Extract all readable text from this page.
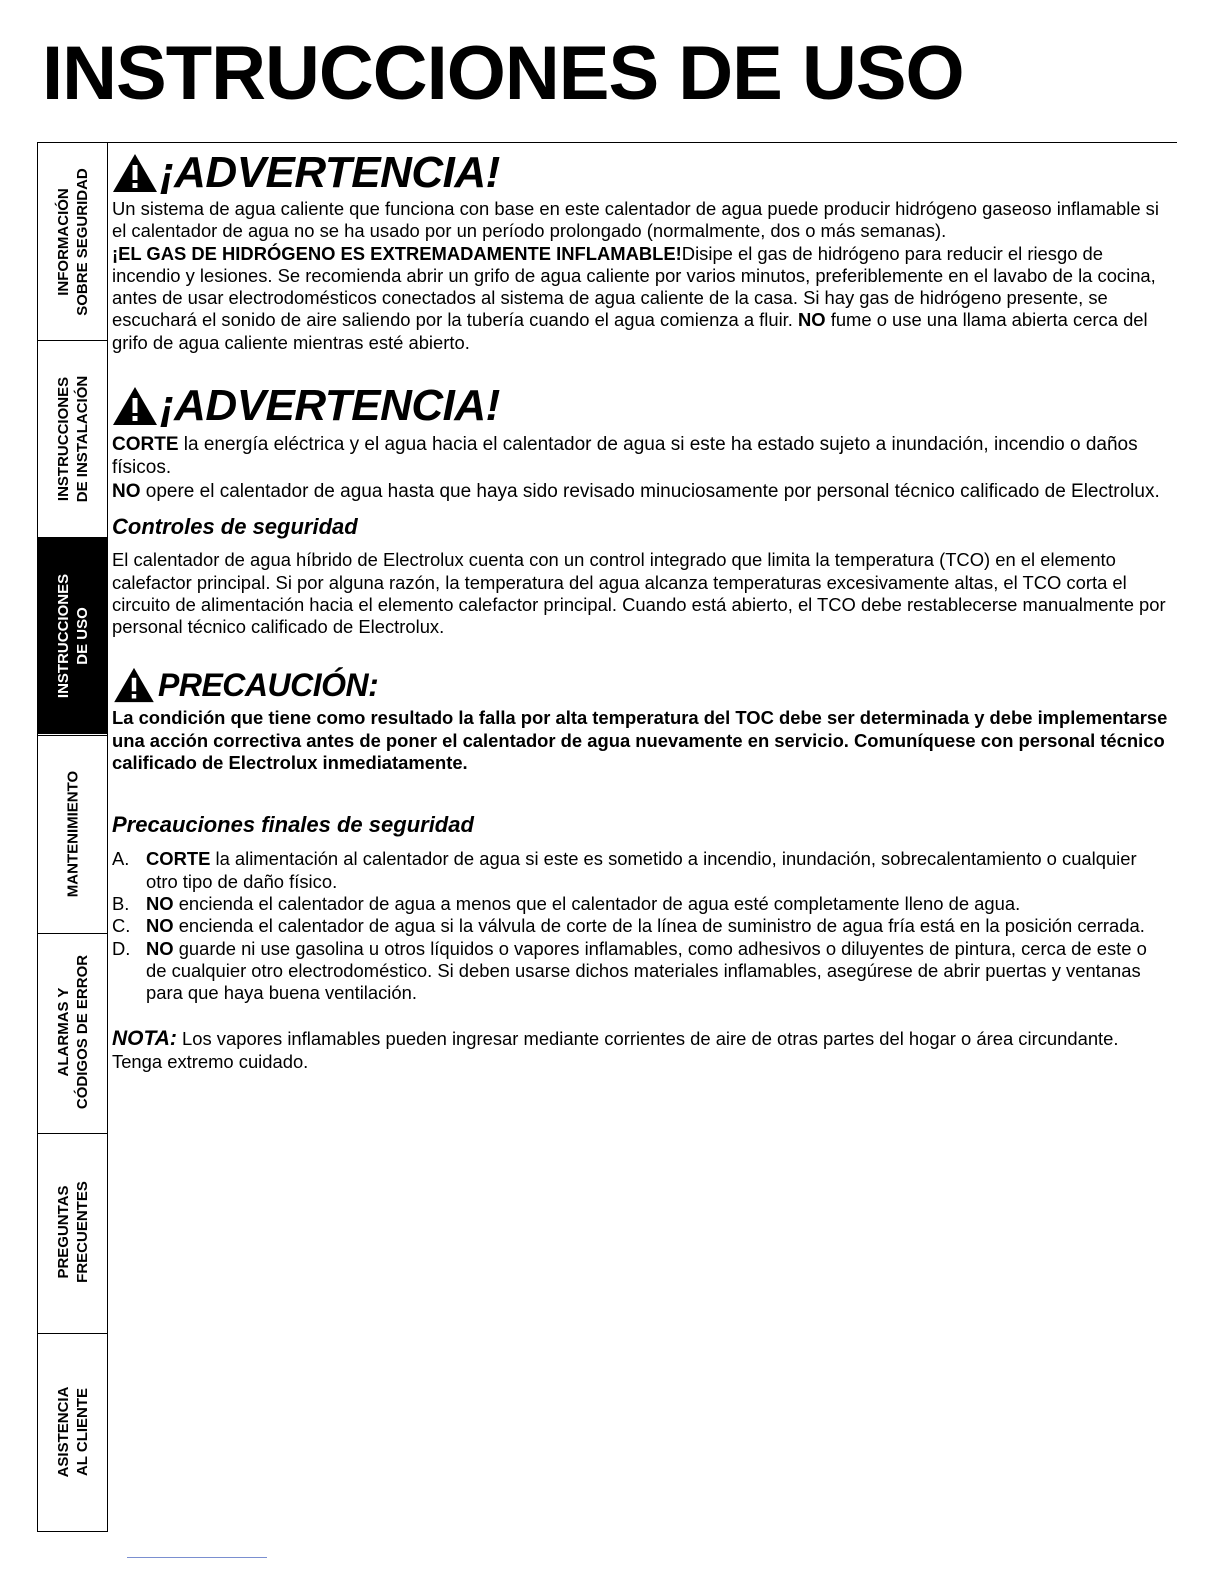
INSTRUCCIONES DE USO
INFORMACIÓN SOBRE SEGURIDAD
INSTRUCCIONES DE INSTALACIÓN
INSTRUCCIONES DE USO
MANTENIMIENTO
ALARMAS Y CÓDIGOS DE ERROR
PREGUNTAS FRECUENTES
ASISTENCIA AL CLIENTE
¡ADVERTENCIA!

Un sistema de agua caliente que funciona con base en este calentador de agua puede producir hidrógeno gaseoso inflamable si el calentador de agua no se ha usado por un período prolongado (normalmente, dos o más semanas).
¡EL GAS DE HIDRÓGENO ES EXTREMADAMENTE INFLAMABLE!Disipe el gas de hidrógeno para reducir el riesgo de incendio y lesiones. Se recomienda abrir un grifo de agua caliente por varios minutos, preferiblemente en el lavabo de la cocina, antes de usar electrodomésticos conectados al sistema de agua caliente de la casa. Si hay gas de hidrógeno presente, se escuchará el sonido de aire saliendo por la tubería cuando el agua comienza a fluir. NO fume o use una llama abierta cerca del grifo de agua caliente mientras esté abierto.

¡ADVERTENCIA!

CORTE la energía eléctrica y el agua hacia el calentador de agua si este ha estado sujeto a inundación, incendio o daños físicos.
NO opere el calentador de agua hasta que haya sido revisado minuciosamente por personal técnico calificado de Electrolux.

Controles de seguridad

El calentador de agua híbrido de Electrolux cuenta con un control integrado que limita la temperatura (TCO) en el elemento calefactor principal. Si por alguna razón, la temperatura del agua alcanza temperaturas excesivamente altas, el TCO corta el circuito de alimentación hacia el elemento calefactor principal. Cuando está abierto, el TCO debe restablecerse manualmente por personal técnico calificado de Electrolux.

PRECAUCIÓN:

La condición que tiene como resultado la falla por alta temperatura del TOC debe ser determinada y debe implementarse una acción correctiva antes de poner el calentador de agua nuevamente en servicio. Comuníquese con personal técnico calificado de Electrolux inmediatamente.

Precauciones finales de seguridad
A. CORTE la alimentación al calentador de agua si este es sometido a incendio, inundación, sobrecalentamiento o cualquier otro tipo de daño físico.
B. NO encienda el calentador de agua a menos que el calentador de agua esté completamente lleno de agua.
C. NO encienda el calentador de agua si la válvula de corte de la línea de suministro de agua fría está en la posición cerrada.
D. NO guarde ni use gasolina u otros líquidos o vapores inflamables, como adhesivos o diluyentes de pintura, cerca de este o de cualquier otro electrodoméstico. Si deben usarse dichos materiales inflamables, asegúrese de abrir puertas y ventanas para que haya buena ventilación.

NOTA: Los vapores inflamables pueden ingresar mediante corrientes de aire de otras partes del hogar o área circundante. Tenga extremo cuidado.
